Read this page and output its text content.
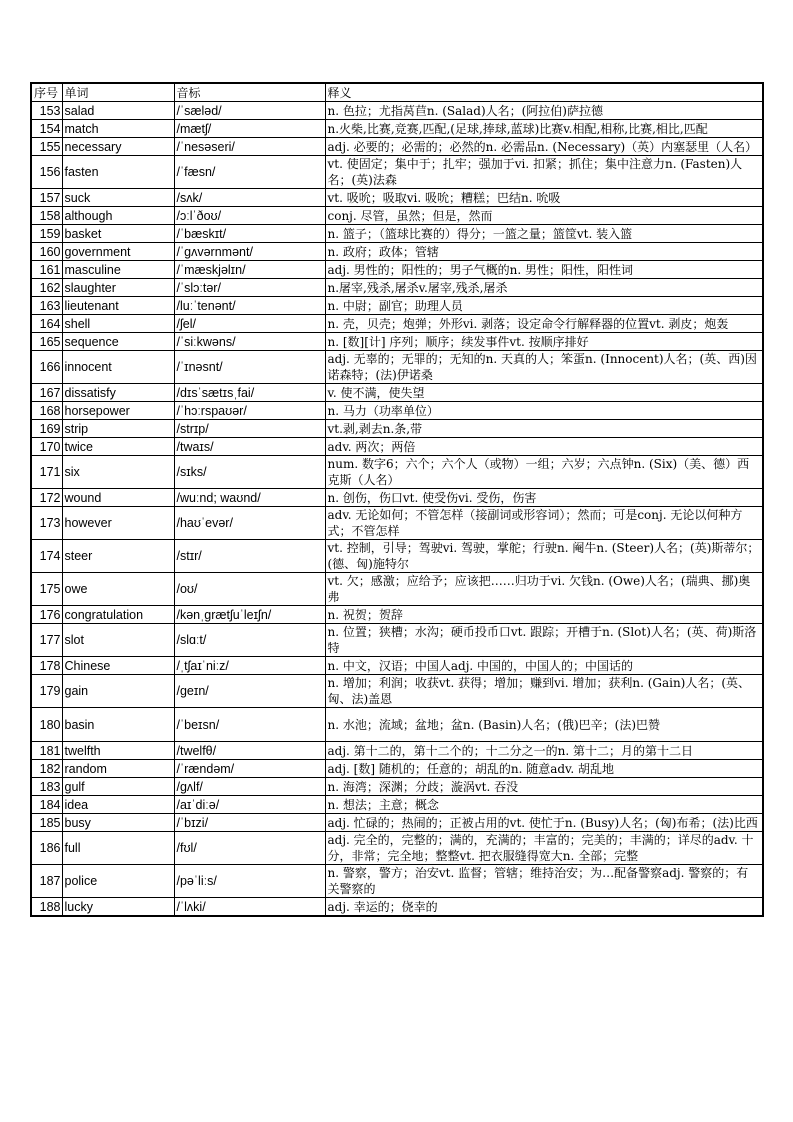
序号	单词	音标	释义
153	salad	/ˈsæləd/	n. 色拉；尤指莴苣n. (Salad)人名；(阿拉伯)萨拉德
154	match	/mætʃ/	n.火柴,比赛,竞赛,匹配,(足球,捧球,蓝球)比赛v.相配,相称,比赛,相比,匹配
155	necessary	/ˈnesəseri/	adj. 必要的；必需的；必然的n. 必需品n. (Necessary)（英）内塞瑟里（人名）
156	fasten	/ˈfæsn/	vt. 使固定；集中于；扎牢；强加于vi. 扣紧；抓住；集中注意力n. (Fasten)人名；(英)法森
157	suck	/sʌk/	vt. 吸吮；吸取vi. 吸吮；糟糕；巴结n. 吮吸
158	although	/ɔːlˈðoʊ/	conj. 尽管，虽然；但是，然而
159	basket	/ˈbæskɪt/	n. 篮子；（篮球比赛的）得分；一篮之量；篮筐vt. 装入篮
160	government	/ˈɡʌvərnmənt/	n. 政府；政体；管辖
161	masculine	/ˈmæskjəlɪn/	adj. 男性的；阳性的；男子气概的n. 男性；阳性，阳性词
162	slaughter	/ˈslɔːtər/	n.屠宰,残杀,屠杀v.屠宰,残杀,屠杀
163	lieutenant	/luːˈtenənt/	n. 中尉；副官；助理人员
164	shell	/ʃel/	n. 壳，贝壳；炮弹；外形vi. 剥落；设定命令行解释器的位置vt. 剥皮；炮轰
165	sequence	/ˈsiːkwəns/	n. [数][计] 序列；顺序；续发事件vt. 按顺序排好
166	innocent	/ˈɪnəsnt/	adj. 无辜的；无罪的；无知的n. 天真的人；笨蛋n. (Innocent)人名；(英、西)因诺森特；(法)伊诺桑
167	dissatisfy	/dɪsˈsætɪsˌfai/	v. 使不满，使失望
168	horsepower	/ˈhɔːrspaʊər/	n. 马力（功率单位）
169	strip	/strɪp/	vt.剥,剥去n.条,带
170	twice	/twaɪs/	adv. 两次；两倍
171	six	/sɪks/	num. 数字6；六个；六个人（或物）一组；六岁；六点钟n. (Six)（美、德）西克斯（人名）
172	wound	/wuːnd; waʊnd/	n. 创伤，伤口vt. 使受伤vi. 受伤，伤害
173	however	/haʊˈevər/	adv. 无论如何；不管怎样（接副词或形容词）；然而；可是conj. 无论以何种方式；不管怎样
174	steer	/stɪr/	vt. 控制，引导；驾驶vi. 驾驶，掌舵；行驶n. 阉牛n. (Steer)人名；(英)斯蒂尔；(德、匈)施特尔
175	owe	/oʊ/	vt. 欠；感激；应给予；应该把……归功于vi. 欠钱n. (Owe)人名；(瑞典、挪)奥弗
176	congratulation	/kənˌɡrætʃuˈleɪʃn/	n. 祝贺；贺辞
177	slot	/slɑːt/	n. 位置；狭槽；水沟；硬币投币口vt. 跟踪；开槽于n. (Slot)人名；(英、荷)斯洛特
178	Chinese	/ˌtʃaɪˈniːz/	n. 中文，汉语；中国人adj. 中国的，中国人的；中国话的
179	gain	/ɡeɪn/	n. 增加；利润；收获vt. 获得；增加；赚到vi. 增加；获利n. (Gain)人名；(英、匈、法)盖恩
180	basin	/ˈbeɪsn/	n. 水池；流域；盆地；盆n. (Basin)人名；(俄)巴辛；(法)巴赞
181	twelfth	/twelfθ/	adj. 第十二的，第十二个的；十二分之一的n. 第十二；月的第十二日
182	random	/ˈrændəm/	adj. [数] 随机的；任意的；胡乱的n. 随意adv. 胡乱地
183	gulf	/ɡʌlf/	n. 海湾；深渊；分歧；漩涡vt. 吞没
184	idea	/aɪˈdiːə/	n. 想法；主意；概念
185	busy	/ˈbɪzi/	adj. 忙碌的；热闹的；正被占用的vt. 使忙于n. (Busy)人名；(匈)布希；(法)比西
186	full	/fʊl/	adj. 完全的，完整的；满的，充满的；丰富的；完美的；丰满的；详尽的adv. 十分，非常；完全地；整整vt. 把衣服缝得宽大n. 全部；完整
187	police	/pəˈliːs/	n. 警察，警方；治安vt. 监督；管辖；维持治安；为…配备警察adj. 警察的；有关警察的
188	lucky	/ˈlʌki/	adj. 幸运的；侥幸的
